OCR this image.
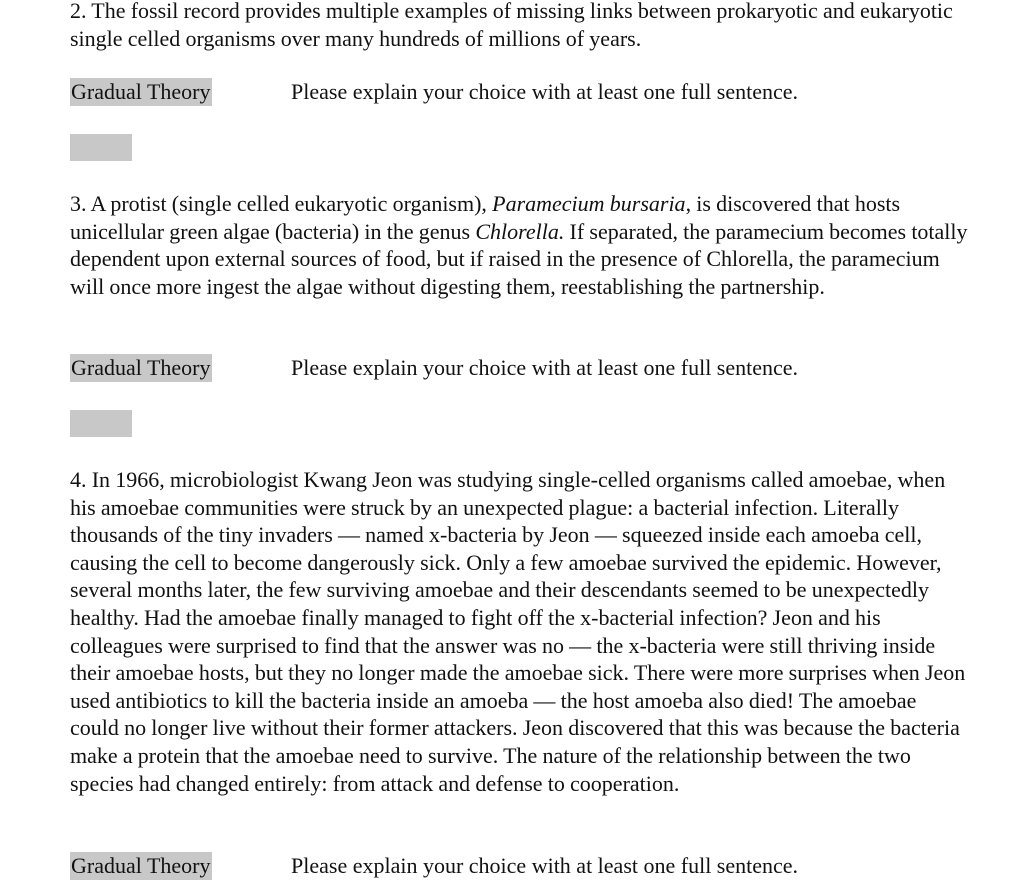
2. The fossil record provides multiple examples of missing links between prokaryotic and eukaryotic single celled organisms over many hundreds of millions of years.

Gradual Theory	Please explain your choice with at least one full sentence.

3. A protist (single celled eukaryotic organism), Paramecium bursaria, is discovered that hosts unicellular green algae (bacteria) in the genus Chlorella. If separated, the paramecium becomes totally dependent upon external sources of food, but if raised in the presence of Chlorella, the paramecium will once more ingest the algae without digesting them, reestablishing the partnership.

Gradual Theory	Please explain your choice with at least one full sentence.

4. In 1966, microbiologist Kwang Jeon was studying single-celled organisms called amoebae, when his amoebae communities were struck by an unexpected plague: a bacterial infection. Literally thousands of the tiny invaders — named x-bacteria by Jeon — squeezed inside each amoeba cell, causing the cell to become dangerously sick. Only a few amoebae survived the epidemic. However, several months later, the few surviving amoebae and their descendants seemed to be unexpectedly healthy. Had the amoebae finally managed to fight off the x-bacterial infection? Jeon and his colleagues were surprised to find that the answer was no — the x-bacteria were still thriving inside their amoebae hosts, but they no longer made the amoebae sick. There were more surprises when Jeon used antibiotics to kill the bacteria inside an amoeba — the host amoeba also died! The amoebae could no longer live without their former attackers. Jeon discovered that this was because the bacteria make a protein that the amoebae need to survive. The nature of the relationship between the two species had changed entirely: from attack and defense to cooperation.

Gradual Theory	Please explain your choice with at least one full sentence.
